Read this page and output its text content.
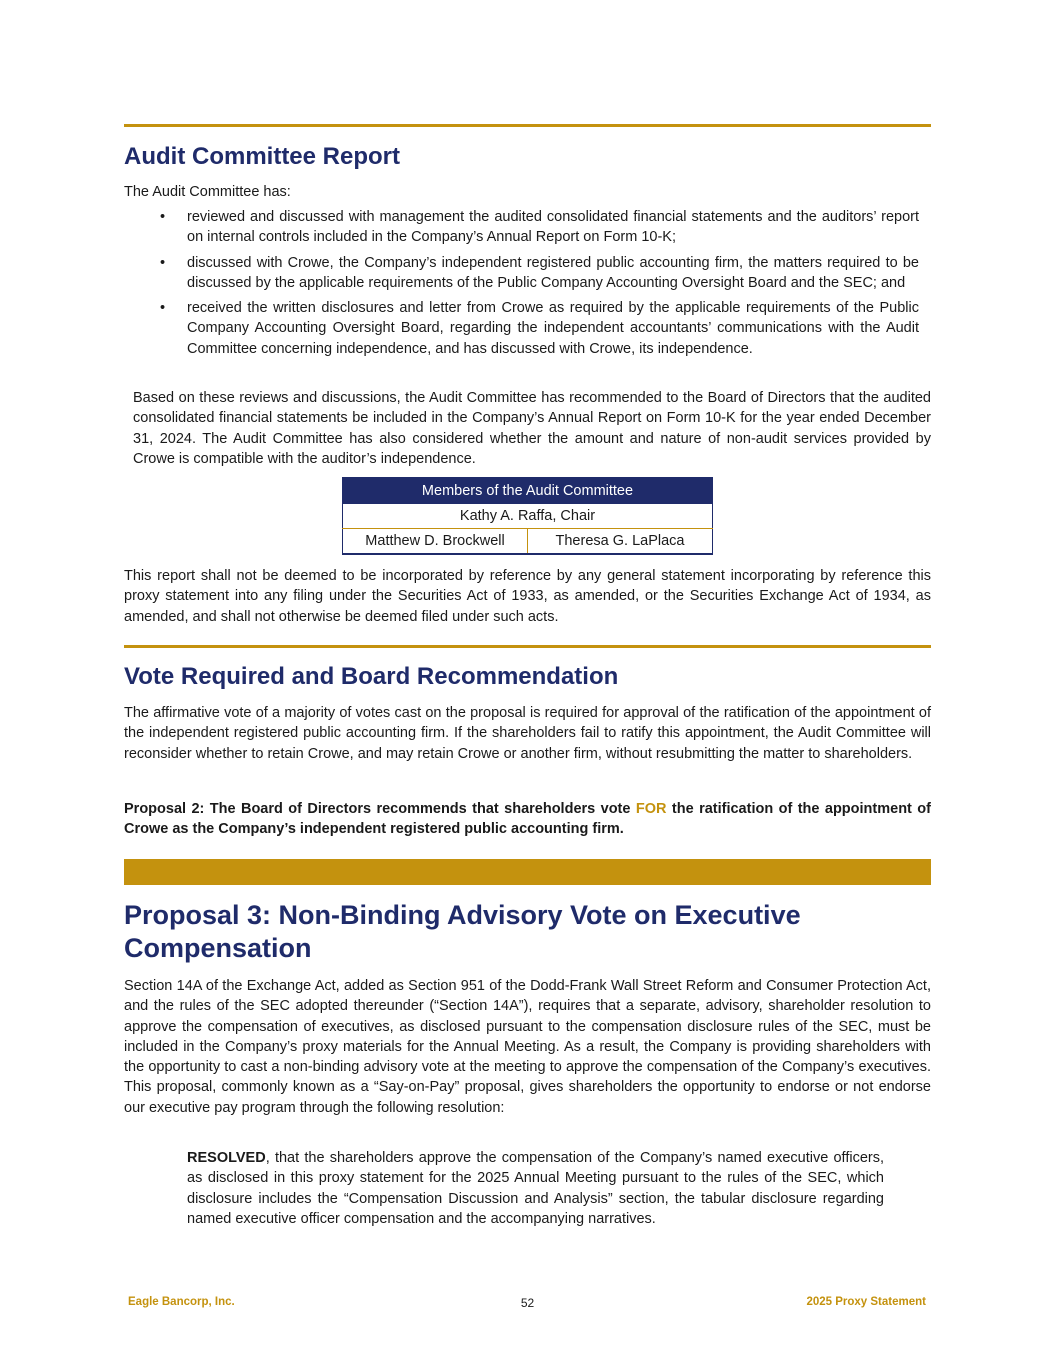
Audit Committee Report

The Audit Committee has:

• reviewed and discussed with management the audited consolidated financial statements and the auditors’ report on internal controls included in the Company’s Annual Report on Form 10-K;
• discussed with Crowe, the Company’s independent registered public accounting firm, the matters required to be discussed by the applicable requirements of the Public Company Accounting Oversight Board and the SEC; and
• received the written disclosures and letter from Crowe as required by the applicable requirements of the Public Company Accounting Oversight Board, regarding the independent accountants’ communications with the Audit Committee concerning independence, and has discussed with Crowe, its independence.

Based on these reviews and discussions, the Audit Committee has recommended to the Board of Directors that the audited consolidated financial statements be included in the Company’s Annual Report on Form 10-K for the year ended December 31, 2024. The Audit Committee has also considered whether the amount and nature of non-audit services provided by Crowe is compatible with the auditor’s independence.

Members of the Audit Committee
Kathy A. Raffa, Chair
Matthew D. Brockwell	Theresa G. LaPlaca

This report shall not be deemed to be incorporated by reference by any general statement incorporating by reference this proxy statement into any filing under the Securities Act of 1933, as amended, or the Securities Exchange Act of 1934, as amended, and shall not otherwise be deemed filed under such acts.

Vote Required and Board Recommendation

The affirmative vote of a majority of votes cast on the proposal is required for approval of the ratification of the appointment of the independent registered public accounting firm. If the shareholders fail to ratify this appointment, the Audit Committee will reconsider whether to retain Crowe, and may retain Crowe or another firm, without resubmitting the matter to shareholders.

Proposal 2: The Board of Directors recommends that shareholders vote FOR the ratification of the appointment of Crowe as the Company’s independent registered public accounting firm.

Proposal 3: Non-Binding Advisory Vote on Executive Compensation

Section 14A of the Exchange Act, added as Section 951 of the Dodd-Frank Wall Street Reform and Consumer Protection Act, and the rules of the SEC adopted thereunder (“Section 14A”), requires that a separate, advisory, shareholder resolution to approve the compensation of executives, as disclosed pursuant to the compensation disclosure rules of the SEC, must be included in the Company’s proxy materials for the Annual Meeting. As a result, the Company is providing shareholders with the opportunity to cast a non-binding advisory vote at the meeting to approve the compensation of the Company’s executives. This proposal, commonly known as a “Say-on-Pay” proposal, gives shareholders the opportunity to endorse or not endorse our executive pay program through the following resolution:

RESOLVED, that the shareholders approve the compensation of the Company’s named executive officers, as disclosed in this proxy statement for the 2025 Annual Meeting pursuant to the rules of the SEC, which disclosure includes the “Compensation Discussion and Analysis” section, the tabular disclosure regarding named executive officer compensation and the accompanying narratives.

Eagle Bancorp, Inc.	52	2025 Proxy Statement
